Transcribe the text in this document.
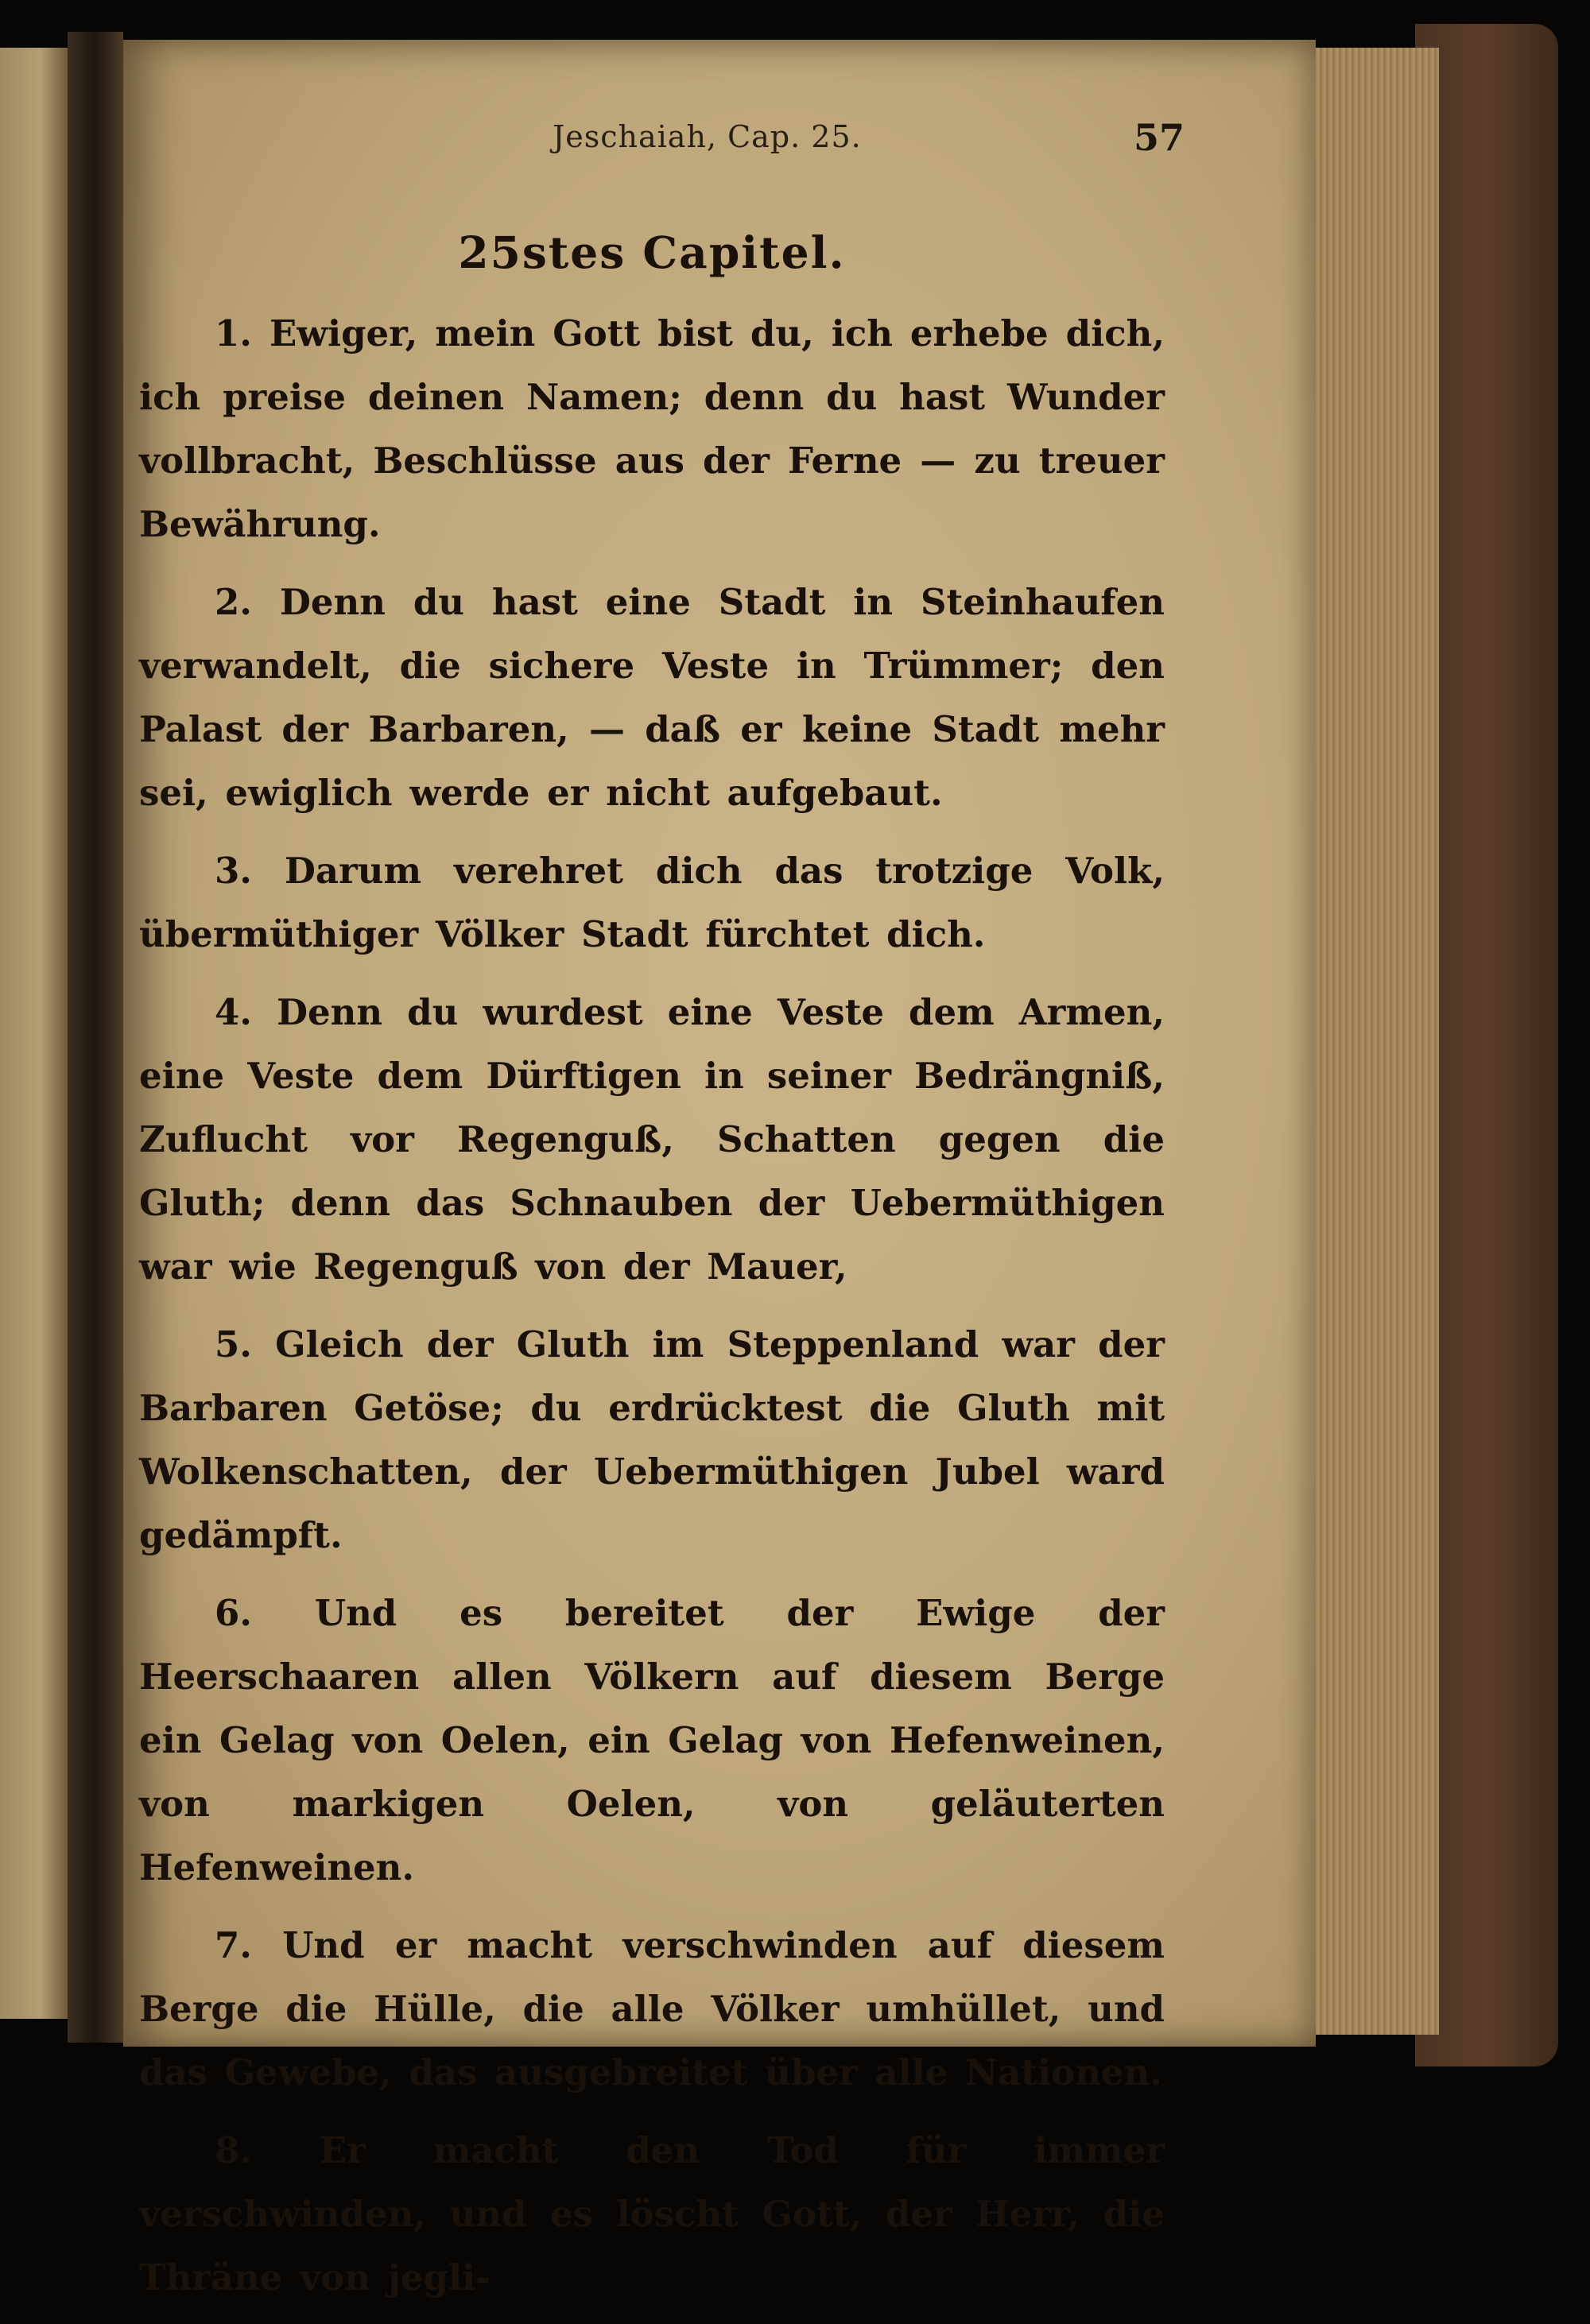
Jeschaiah, Cap. 25.	57
25stes Capitel.

1. Ewiger, mein Gott bist du, ich erhebe dich, ich preise deinen Namen; denn du hast Wunder vollbracht, Beschlüsse aus der Ferne — zu treuer Bewährung.

2. Denn du hast eine Stadt in Steinhaufen verwandelt, die sichere Veste in Trümmer; den Palast der Barbaren, — daß er keine Stadt mehr sei, ewiglich werde er nicht aufgebaut.

3. Darum verehret dich das trotzige Volk, übermüthiger Völker Stadt fürchtet dich.

4. Denn du wurdest eine Veste dem Armen, eine Veste dem Dürftigen in seiner Bedrängniß, Zuflucht vor Regenguß, Schatten gegen die Gluth; denn das Schnauben der Uebermüthigen war wie Regenguß von der Mauer,

5. Gleich der Gluth im Steppenland war der Barbaren Getöse; du erdrücktest die Gluth mit Wolkenschatten, der Uebermüthigen Jubel ward gedämpft.

6. Und es bereitet der Ewige der Heerschaaren allen Völkern auf diesem Berge ein Gelag von Oelen, ein Gelag von Hefenweinen, von markigen Oelen, von geläuterten Hefenweinen.

7. Und er macht verschwinden auf diesem Berge die Hülle, die alle Völker umhüllet, und das Gewebe, das ausgebreitet über alle Nationen.

8. Er macht den Tod für immer verschwinden, und es löscht Gott, der Herr, die Thräne von jegli-
